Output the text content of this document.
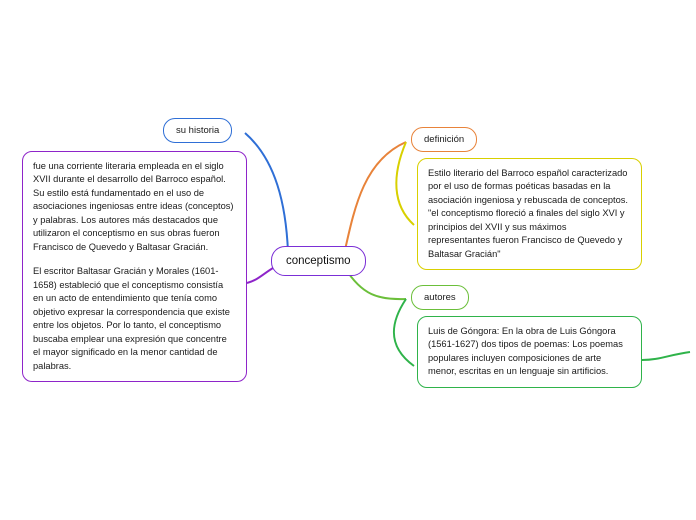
conceptismo
su historia

fue una corriente literaria empleada en el siglo XVII durante el desarrollo del Barroco español. Su estilo está fundamentado en el uso de asociaciones ingeniosas entre ideas (conceptos) y palabras. Los autores más destacados que utilizaron el conceptismo en sus obras fueron Francisco de Quevedo y Baltasar Gracián.

El escritor Baltasar Gracián y Morales (1601-1658) estableció que el conceptismo consistía en un acto de entendimiento que tenía como objetivo expresar la correspondencia que existe entre los objetos. Por lo tanto, el conceptismo buscaba emplear una expresión que concentre el mayor significado en la menor cantidad de palabras.

definición
Estilo literario del Barroco español caracterizado por el uso de formas poéticas basadas en la asociación ingeniosa y rebuscada de conceptos. "el conceptismo floreció a finales del siglo XVI y principios del XVII y sus máximos representantes fueron Francisco de Quevedo y Baltasar Gracián"
autores
Luis de Góngora: En la obra de Luis Góngora (1561-1627) dos tipos de poemas: Los poemas populares incluyen composiciones de arte menor, escritas en un lenguaje sin artificios.
